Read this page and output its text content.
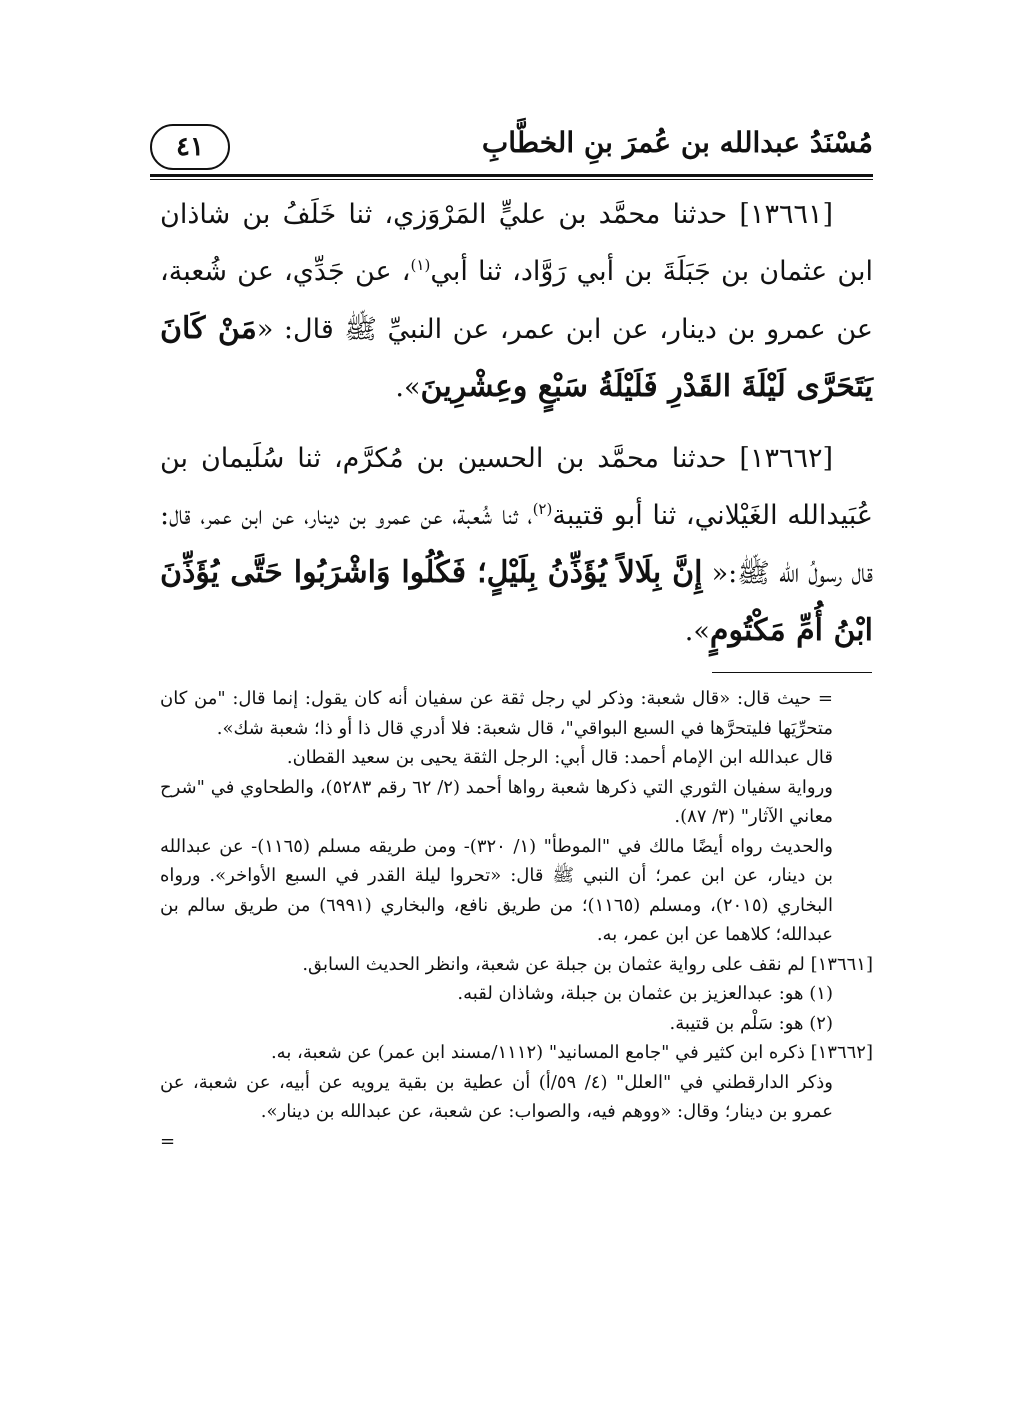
مُسْنَدُ عبدالله بن عُمرَ بنِ الخطَّابِ
٤١

[١٣٦٦١] حدثنا محمَّد بن عليٍّ المَرْوَزي، ثنا خَلَفُ بن شاذان ابن عثمان بن جَبَلَةَ بن أبي رَوَّاد، ثنا أبي$^{(١)}$، عن جَدِّي، عن شُعبة، عن عمرو بن دينار، عن ابن عمر، عن النبيِّ ﷺ قال: «مَنْ كَانَ يَتَحَرَّى لَيْلَةَ القَدْرِ فَلَيْلَةُ سَبْعٍ وعِشْرِينَ».

[١٣٦٦٢] حدثنا محمَّد بن الحسين بن مُكرَّم، ثنا سُلَيمان بن عُبَيدالله الغَيْلاني، ثنا أبو قتيبة$^{(٢)}$، ثنا شُعبة، عن عمرو بن دينار، عن ابن عمر، قال: قال رسولُ الله ﷺ:« إِنَّ بِلَالاً يُؤَذِّنُ بِلَيْلٍ؛ فَكُلُوا وَاشْرَبُوا حَتَّى يُؤَذِّنَ ابْنُ أُمِّ مَكْتُومٍ».

= حيث قال: «قال شعبة: وذكر لي رجل ثقة عن سفيان أنه كان يقول: إنما قال: "من كان متحرِّيَها فليتحرَّها في السبع البواقي"، قال شعبة: فلا أدري قال ذا أو ذا؛ شعبة شك».

قال عبدالله ابن الإمام أحمد: قال أبي: الرجل الثقة يحيى بن سعيد القطان.

ورواية سفيان الثوري التي ذكرها شعبة رواها أحمد (٢/ ٦٢ رقم ٥٢٨٣)، والطحاوي في "شرح معاني الآثار" (٣/ ٨٧).

والحديث رواه أيضًا مالك في "الموطأ" (١/ ٣٢٠)- ومن طريقه مسلم (١١٦٥)- عن عبدالله بن دينار، عن ابن عمر؛ أن النبي ﷺ قال: «تحروا ليلة القدر في السبع الأواخر». ورواه البخاري (٢٠١٥)، ومسلم (١١٦٥)؛ من طريق نافع، والبخاري (٦٩٩١) من طريق سالم بن عبدالله؛ كلاهما عن ابن عمر، به.

[١٣٦٦١] لم نقف على رواية عثمان بن جبلة عن شعبة، وانظر الحديث السابق.

(١) هو: عبدالعزيز بن عثمان بن جبلة، وشاذان لقبه.

(٢) هو: سَلْم بن قتيبة.

[١٣٦٦٢] ذكره ابن كثير في "جامع المسانيد" (١١١٢/مسند ابن عمر) عن شعبة، به.

وذكر الدارقطني في "العلل" (٤/ ٥٩/أ) أن عطية بن بقية يرويه عن أبيه، عن شعبة، عن عمرو بن دينار؛ وقال: «ووهم فيه، والصواب: عن شعبة، عن عبدالله بن دينار».

=
